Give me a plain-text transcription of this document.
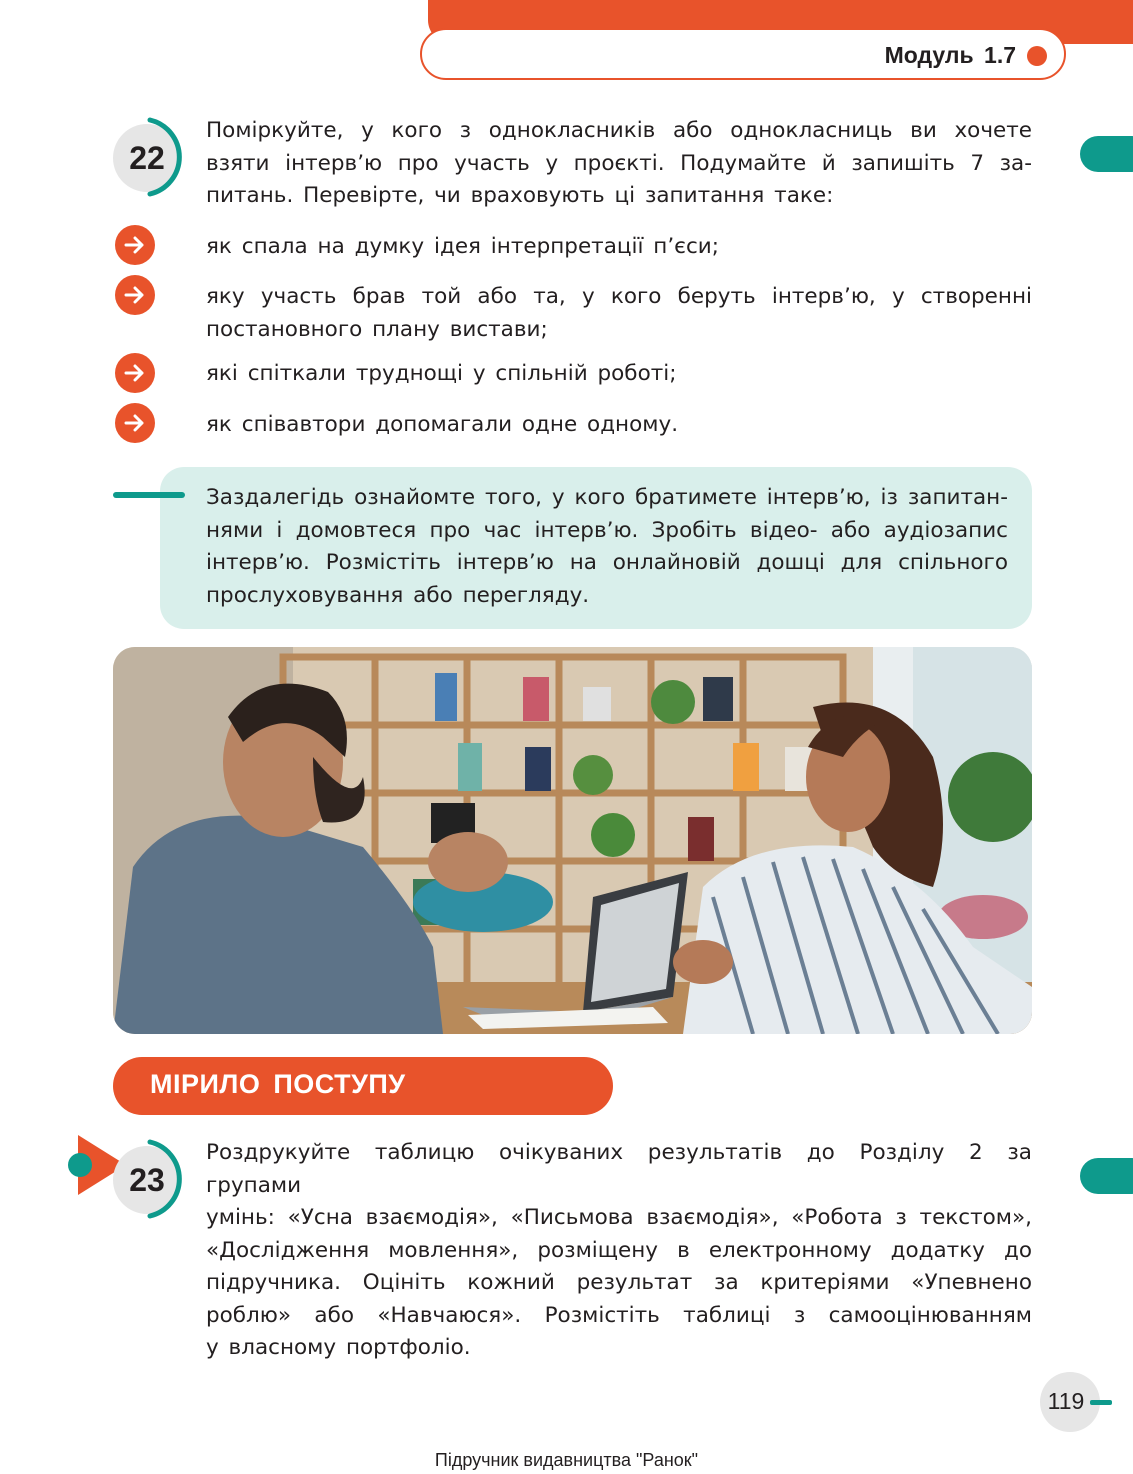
Модуль 1.7
22
Поміркуйте, у кого з однокласників або однокласниць ви хочете
взяти інтерв’ю про участь у проєкті. Подумайте й запишіть 7 за-
питань. Перевірте, чи враховують ці запитання таке:
як спала на думку ідея інтерпретації п’єси;
яку участь брав той або та, у кого беруть інтерв’ю, у створенні
постановного плану вистави;
які спіткали труднощі у спільній роботі;
як співавтори допомагали одне одному.
Заздалегідь ознайомте того, у кого братимете інтерв’ю, із запитан-
нями і домовтеся про час інтерв’ю. Зробіть відео- або аудіозапис
інтерв’ю. Розмістіть інтерв’ю на онлайновій дошці для спільного
прослуховування або перегляду.
МІРИЛО ПОСТУПУ
23
Роздрукуйте таблицю очікуваних результатів до Розділу 2 за групами
умінь: «Усна взаємодія», «Письмова взаємодія», «Робота з текстом»,
«Дослідження мовлення», розміщену в електронному додатку до
підручника. Оцініть кожний результат за критеріями «Упевнено
роблю» або «Навчаюся». Розмістіть таблиці з самооцінюванням
у власному портфоліо.
119
Підручник видавництва "Ранок"
